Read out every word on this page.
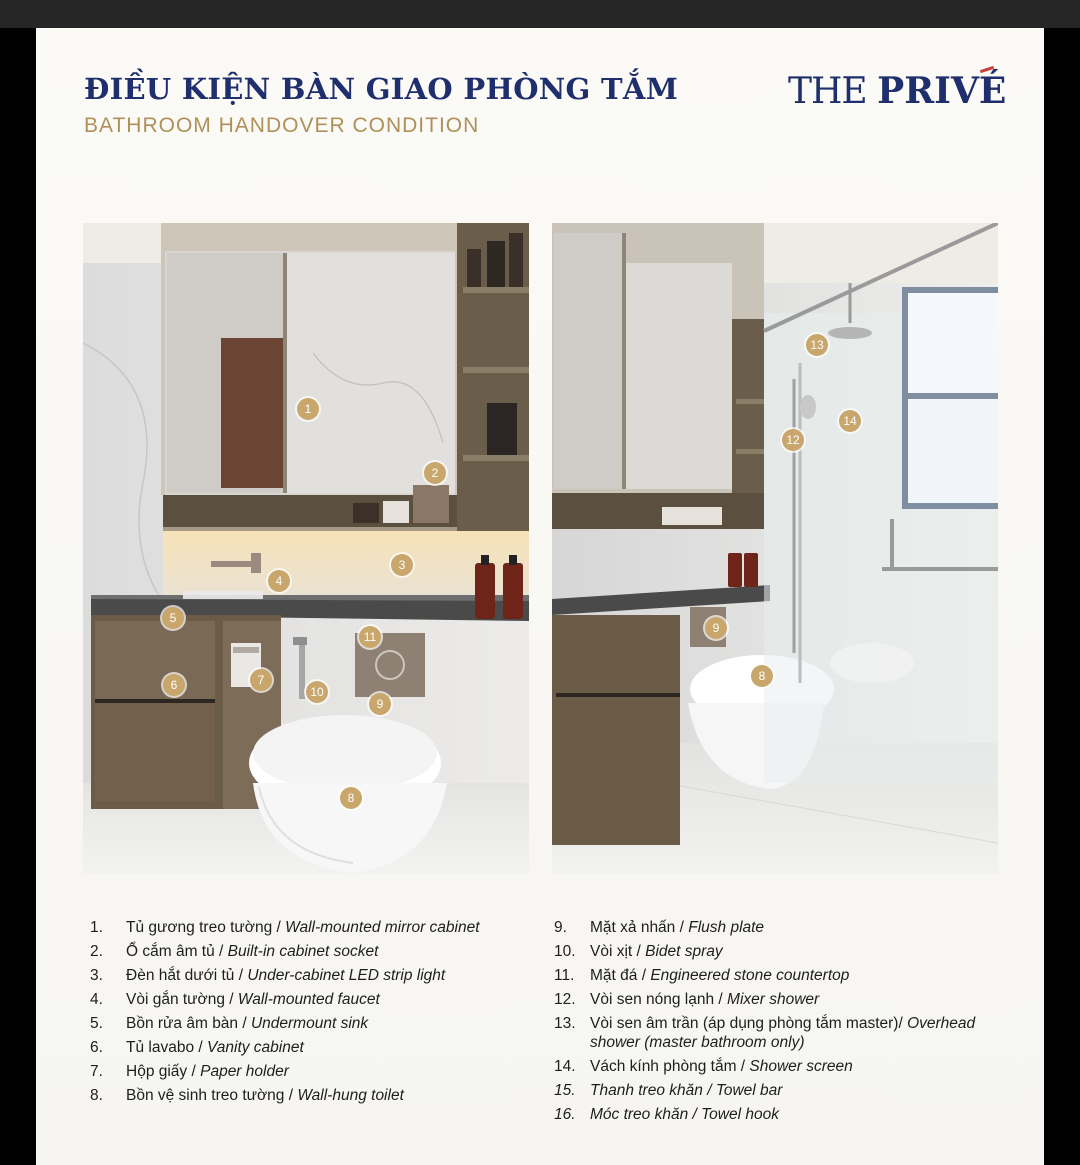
ĐIỀU KIỆN BÀN GIAO PHÒNG TẮM
BATHROOM HANDOVER CONDITION
THE PRIVÉ
1
2
3
4
5
6	7
8
9
10
11
13
14
12
9
8
1.	Tủ gương treo tường / Wall-mounted mirror cabinet
2.	Ổ cắm âm tủ / Built-in cabinet socket
3.	Đèn hắt dưới tủ / Under-cabinet LED strip light
4.	Vòi gắn tường / Wall-mounted faucet
5.	Bồn rửa âm bàn / Undermount sink
6.	Tủ lavabo / Vanity cabinet
7.	Hộp giấy / Paper holder
8.	Bồn vệ sinh treo tường / Wall-hung toilet
9.	Mặt xả nhấn / Flush plate
10. Vòi xịt / Bidet spray
11.	Mặt đá / Engineered stone countertop
12. Vòi sen nóng lạnh / Mixer shower
13. Vòi sen âm trần (áp dụng phòng tắm master)/ Overhead shower (master bathroom only)
14. Vách kính phòng tắm / Shower screen
15. Thanh treo khăn / Towel bar
16. Móc treo khăn / Towel hook
